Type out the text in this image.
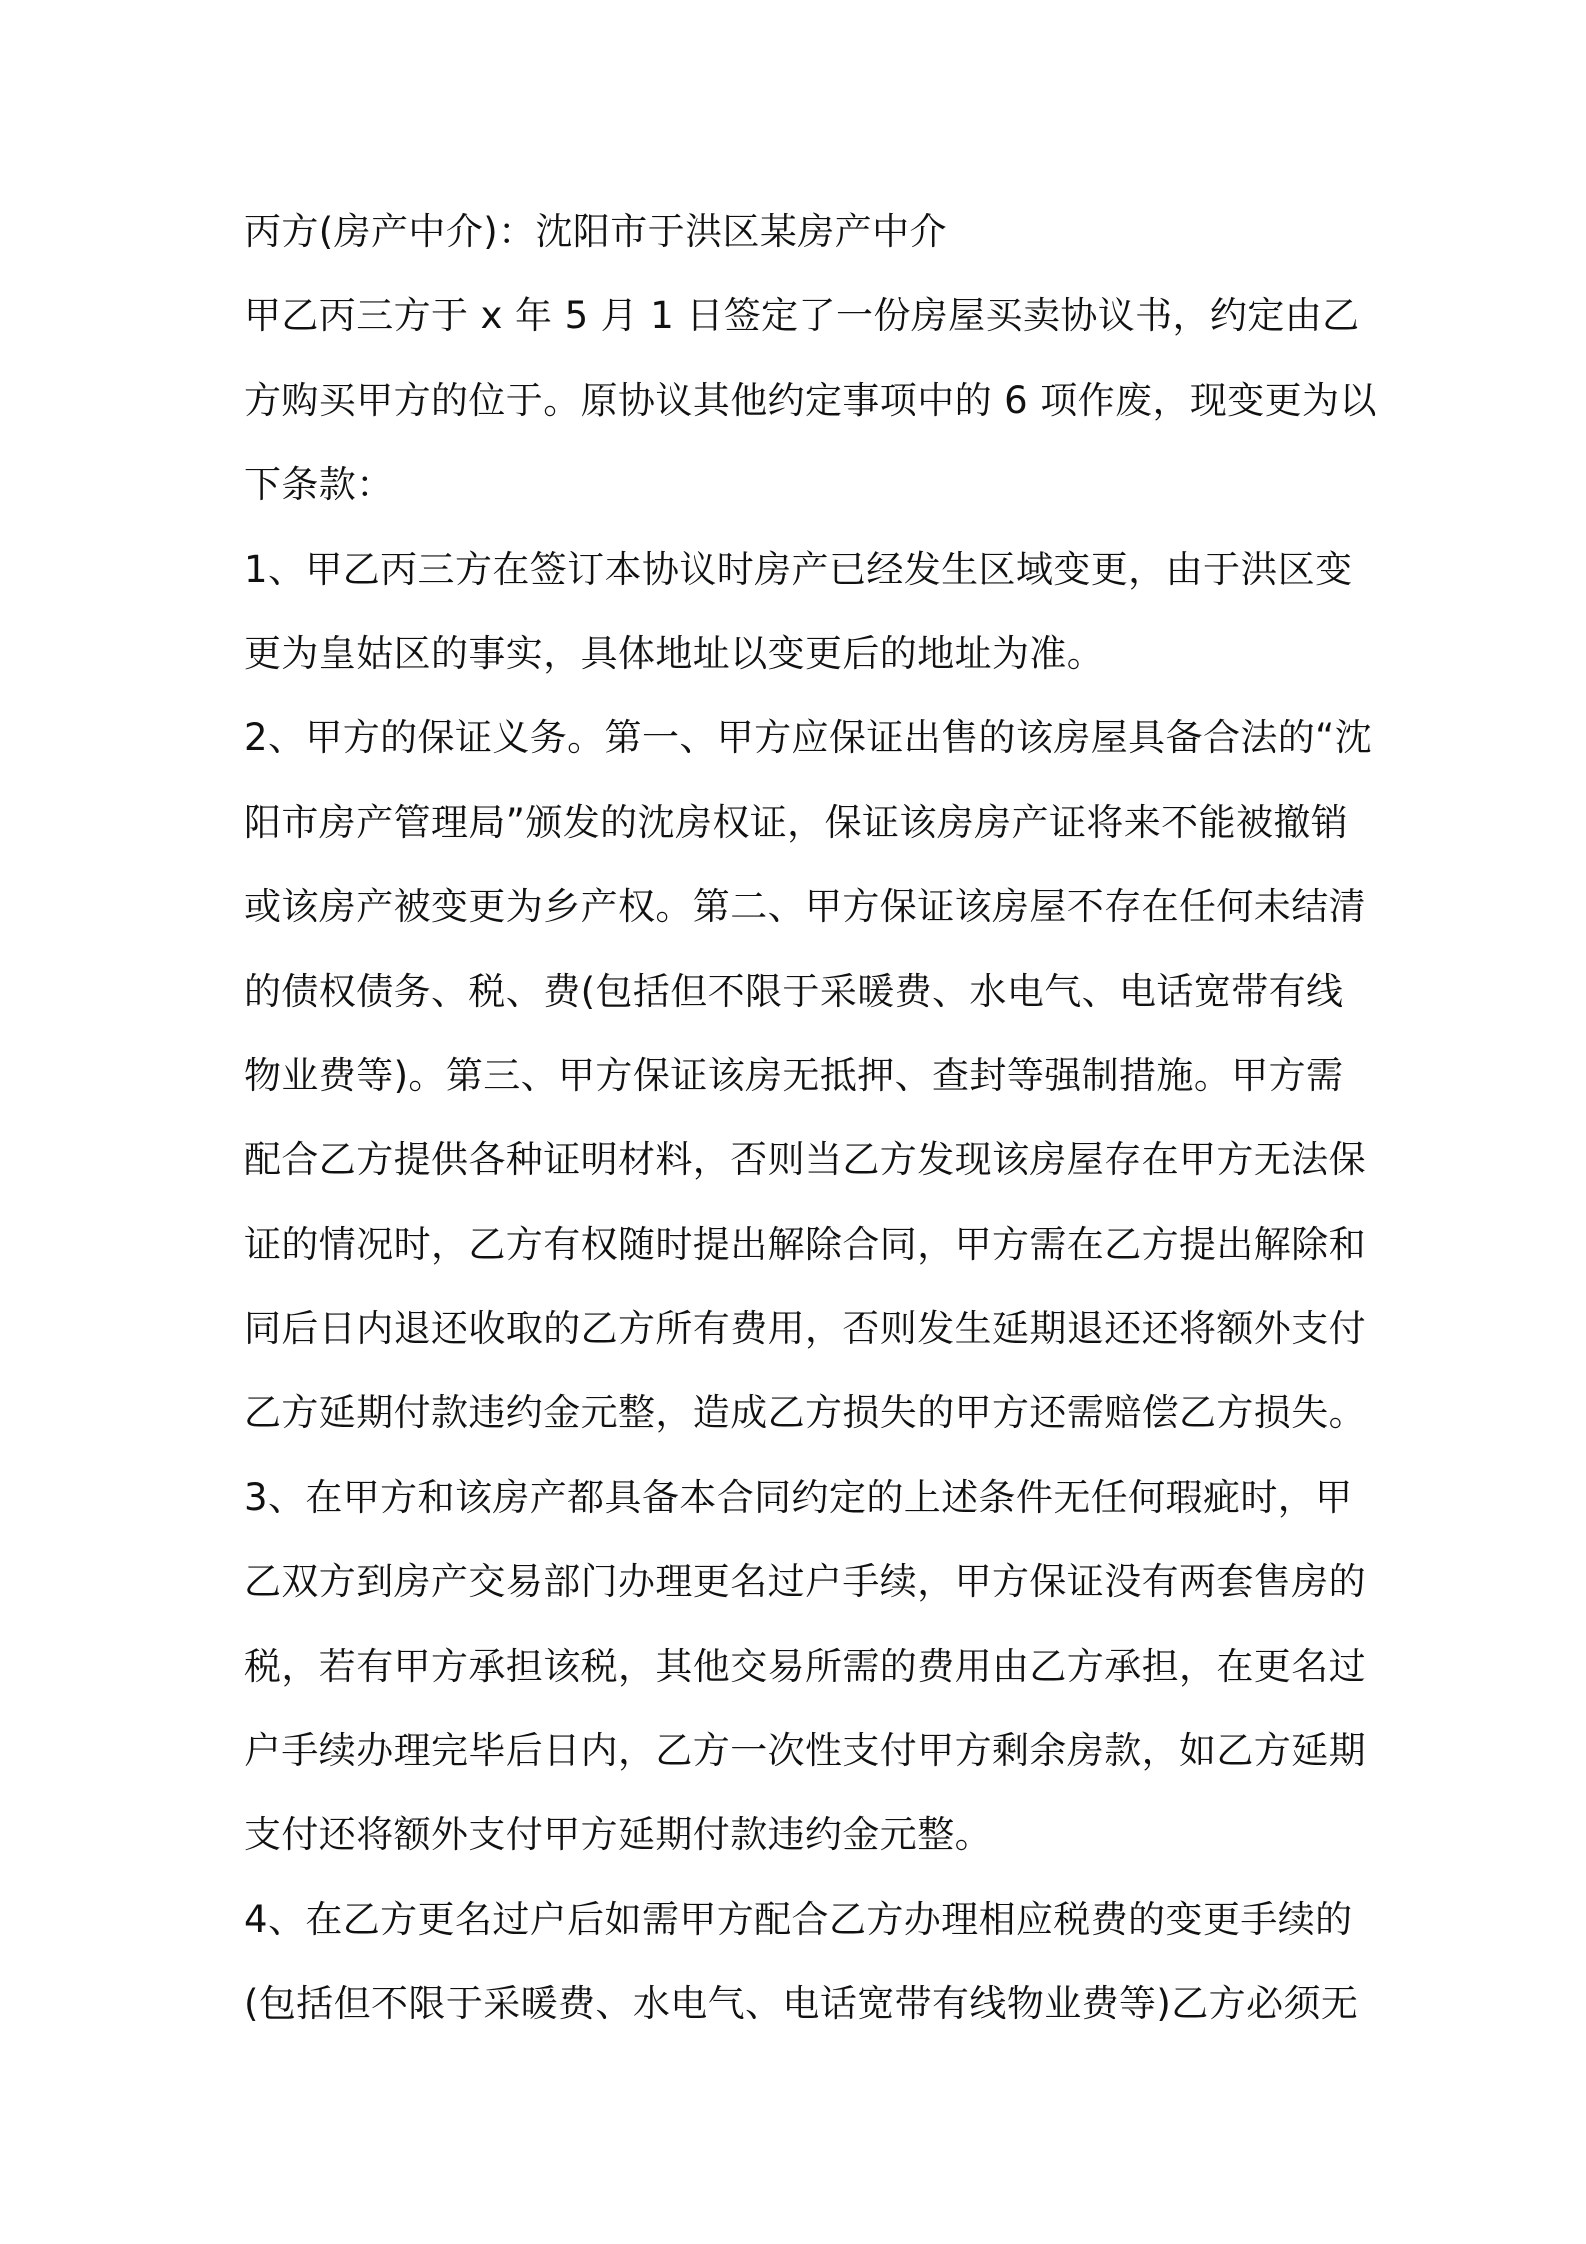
丙方(房产中介)：沈阳市于洪区某房产中介
甲乙丙三方于 x 年 5 月 1 日签定了一份房屋买卖协议书，约定由乙
方购买甲方的位于。原协议其他约定事项中的 6 项作废，现变更为以
下条款：
1、甲乙丙三方在签订本协议时房产已经发生区域变更，由于洪区变
更为皇姑区的事实，具体地址以变更后的地址为准。
2、甲方的保证义务。第一、甲方应保证出售的该房屋具备合法的“沈
阳市房产管理局”颁发的沈房权证，保证该房房产证将来不能被撤销
或该房产被变更为乡产权。第二、甲方保证该房屋不存在任何未结清
的债权债务、税、费(包括但不限于采暖费、水电气、电话宽带有线
物业费等)。第三、甲方保证该房无抵押、查封等强制措施。甲方需
配合乙方提供各种证明材料，否则当乙方发现该房屋存在甲方无法保
证的情况时，乙方有权随时提出解除合同，甲方需在乙方提出解除和
同后日内退还收取的乙方所有费用，否则发生延期退还还将额外支付
乙方延期付款违约金元整，造成乙方损失的甲方还需赔偿乙方损失。
3、在甲方和该房产都具备本合同约定的上述条件无任何瑕疵时，甲
乙双方到房产交易部门办理更名过户手续，甲方保证没有两套售房的
税，若有甲方承担该税，其他交易所需的费用由乙方承担，在更名过
户手续办理完毕后日内，乙方一次性支付甲方剩余房款，如乙方延期
支付还将额外支付甲方延期付款违约金元整。
4、在乙方更名过户后如需甲方配合乙方办理相应税费的变更手续的
(包括但不限于采暖费、水电气、电话宽带有线物业费等)乙方必须无
